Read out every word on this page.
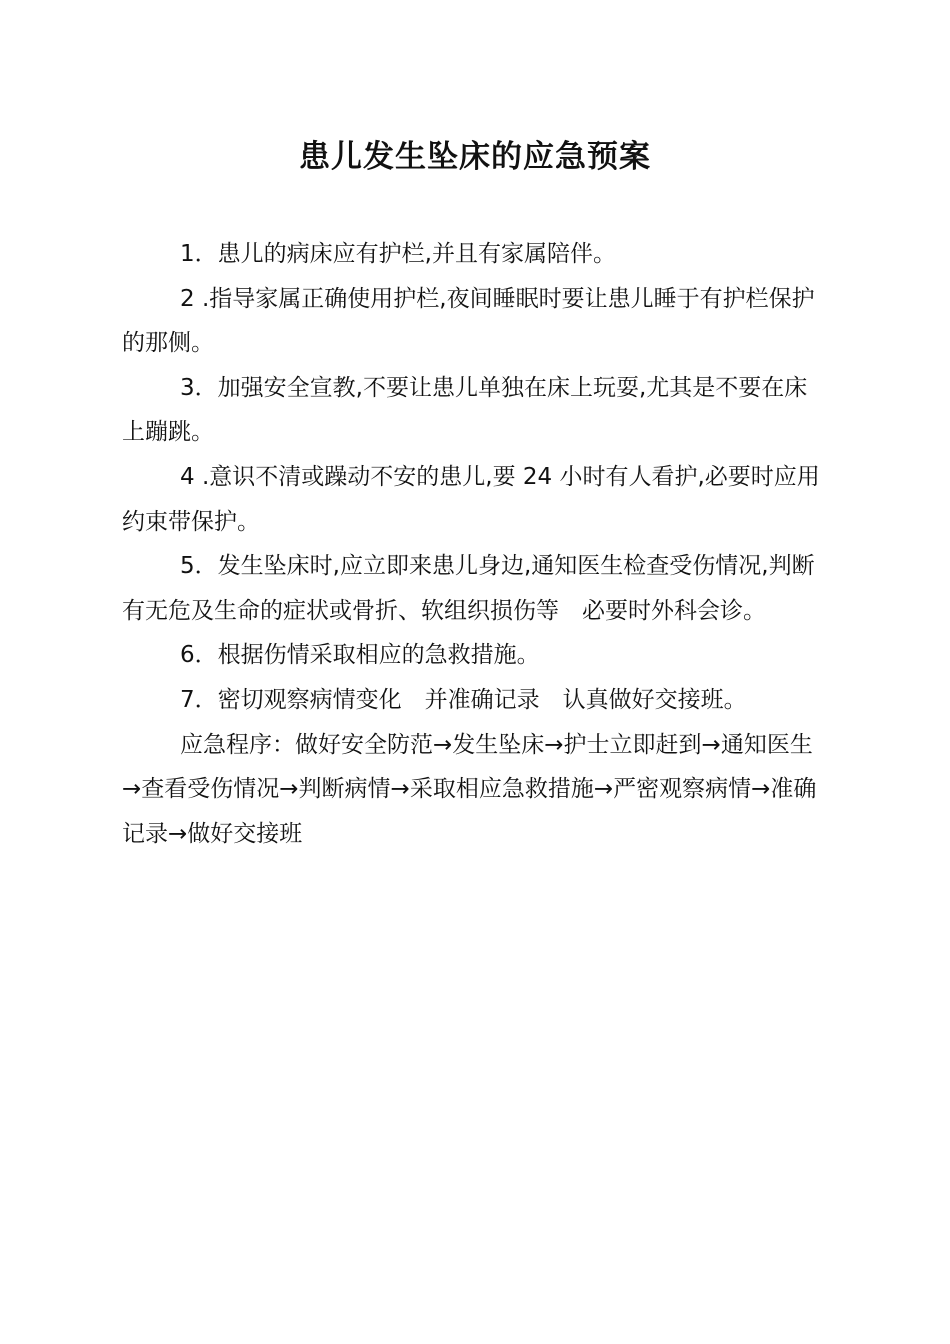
患儿发生坠床的应急预案

1．患儿的病床应有护栏,并且有家属陪伴。

2 .指导家属正确使用护栏,夜间睡眠时要让患儿睡于有护栏保护的那侧。

3．加强安全宣教,不要让患儿单独在床上玩耍,尤其是不要在床上蹦跳。

4 .意识不清或躁动不安的患儿,要 24 小时有人看护,必要时应用约束带保护。

5．发生坠床时,应立即来患儿身边,通知医生检查受伤情况,判断有无危及生命的症状或骨折、软组织损伤等　必要时外科会诊。

6．根据伤情采取相应的急救措施。

7．密切观察病情变化　并准确记录　认真做好交接班。

应急程序：做好安全防范→发生坠床→护士立即赶到→通知医生→查看受伤情况→判断病情→采取相应急救措施→严密观察病情→准确记录→做好交接班
